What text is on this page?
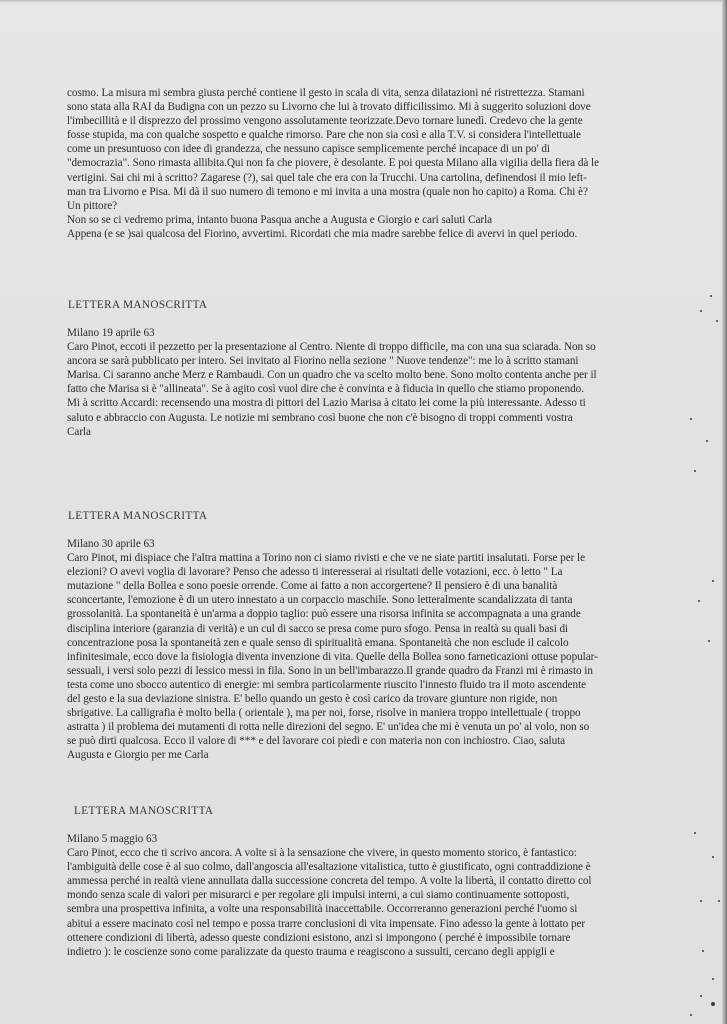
cosmo. La misura mi sembra giusta perché contiene il gesto in scala di vita, senza dilatazioni né ristrettezza. Stamani
sono stata alla RAI da Budigna con un pezzo su Livorno che lui à trovato difficilissimo. Mi à suggerito soluzioni dove
l'imbecillità e il disprezzo del prossimo vengono assolutamente teorizzate.Devo tornare lunedì. Credevo che la gente
fosse stupida, ma con qualche sospetto e qualche rimorso. Pare che non sia così e alla T.V. si considera l'intellettuale
come un presuntuoso con idee di grandezza, che nessuno capisce semplicemente perché incapace di un po' di
"democrazia". Sono rimasta allibita.Qui non fa che piovere, è desolante. E poi questa Milano alla vigilia della fiera dà le
vertigini. Sai chi mi à scritto? Zagarese (?), sai quel tale che era con la Trucchi. Una cartolina, definendosi il mio left-
man tra Livorno e Pisa. Mi dà il suo numero di temono e mi invita a una mostra (quale non ho capito) a Roma. Chi è?
Un pittore?
Non so se ci vedremo prima, intanto buona Pasqua anche a Augusta e Giorgio e cari saluti Carla
Appena (e se )sai qualcosa del Fiorino, avvertimi. Ricordati che mia madre sarebbe felice di avervi in quel periodo.
LETTERA MANOSCRITTA
Milano 19 aprile 63
Caro Pinot, eccoti il pezzetto per la presentazione al Centro. Niente di troppo difficile, ma con una sua sciarada. Non so
ancora se sarà pubblicato per intero. Sei invitato al Fiorino nella sezione " Nuove tendenze": me lo à scritto stamani
Marisa. Ci saranno anche Merz e Rambaudi. Con un quadro che va scelto molto bene. Sono molto contenta anche per il
fatto che Marisa si è "allineata". Se à agito così vuol dire che è convinta e à fiducia in quello che stiamo proponendo.
Mi à scritto Accardi: recensendo una mostra di pittori del Lazio Marisa à citato lei come la più interessante. Adesso ti
saluto e abbraccio con Augusta. Le notizie mi sembrano così buone che non c'è bisogno di troppi commenti vostra
Carla
LETTERA MANOSCRITTA
Milano 30 aprile 63
Caro Pinot, mi dispiace che l'altra mattina a Torino non ci siamo rivisti e che ve ne siate partiti insalutati. Forse per le
elezioni? O avevi voglia di lavorare? Penso che adesso ti interesserai ai risultati delle votazioni, ecc. ò letto " La
mutazione " della Bollea e sono poesie orrende. Come ai fatto a non accorgertene? Il pensiero è di una banalità
sconcertante, l'emozione è di un utero innestato a un corpaccio maschile. Sono letteralmente scandalizzata di tanta
grossolanità. La spontaneità è un'arma a doppio taglio: può essere una risorsa infinita se accompagnata a una grande
disciplina interiore (garanzia di verità) e un cul di sacco se presa come puro sfogo. Pensa in realtà su quali basi di
concentrazione posa la spontaneità zen e quale senso di spiritualità emana. Spontaneità che non esclude il calcolo
infinitesimale, ecco dove la fisiologia diventa invenzione di vita. Quelle della Bollea sono farneticazioni ottuse popular-
sessuali, i versi solo pezzi di lessico messi in fila. Sono in un bell'imbarazzo.Il grande quadro da Franzi mi è rimasto in
testa come uno sbocco autentico di energie: mi sembra particolarmente riuscito l'innesto fluido tra il moto ascendente
del gesto e la sua deviazione sinistra. E' bello quando un gesto è così carico da trovare giunture non rigide, non
sbrigative. La calligrafia è molto bella ( orientale ), ma per noi, forse, risolve in maniera troppo intellettuale ( troppo
astratta ) il problema dei mutamenti di rotta nelle direzioni del segno. E' un'idea che mi è venuta un po' al volo, non so
se può dirti qualcosa. Ecco il valore di *** e del lavorare coi piedi e con materia non con inchiostro. Ciao, saluta
Augusta e Giorgio per me Carla
LETTERA MANOSCRITTA
Milano 5 maggio 63
Caro Pinot, ecco che ti scrivo ancora. A volte si à la sensazione che vivere, in questo momento storico, è fantastico:
l'ambiguità delle cose è al suo colmo, dall'angoscia all'esaltazione vitalistica, tutto è giustificato, ogni contraddizione è
ammessa perché in realtà viene annullata dalla successione concreta del tempo. A volte la libertà, il contatto diretto col
mondo senza scale di valori per misurarci e per regolare gli impulsi interni, a cui siamo continuamente sottoposti,
sembra una prospettiva infinita, a volte una responsabilità inaccettabile. Occorreranno generazioni perché l'uomo si
abitui a essere macinato così nel tempo e possa trarre conclusioni di vita impensate. Fino adesso la gente à lottato per
ottenere condizioni di libertà, adesso queste condizioni esistono, anzi si impongono ( perché è impossibile tornare
indietro ): le coscienze sono come paralizzate da questo trauma e reagiscono a sussulti, cercano degli appigli e
